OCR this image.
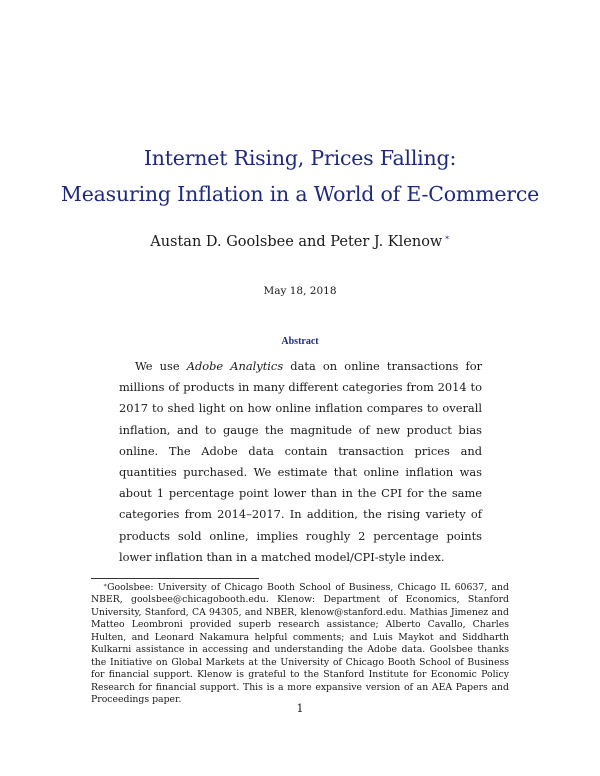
Internet Rising, Prices Falling:
Measuring Inflation in a World of E-Commerce
Austan D. Goolsbee and Peter J. Klenow ∗
May 18, 2018
Abstract

We use Adobe Analytics data on online transactions for millions of products in many different categories from 2014 to 2017 to shed light on how online inflation compares to overall inflation, and to gauge the magnitude of new product bias online. The Adobe data contain transaction prices and quantities purchased. We estimate that online inflation was about 1 percentage point lower than in the CPI for the same categories from 2014–2017. In addition, the rising variety of products sold online, implies roughly 2 percentage points lower inflation than in a matched model/CPI-style index.

∗Goolsbee: University of Chicago Booth School of Business, Chicago IL 60637, and NBER, goolsbee@chicagobooth.edu. Klenow: Department of Economics, Stanford University, Stanford, CA 94305, and NBER, klenow@stanford.edu. Mathias Jimenez and Matteo Leombroni provided superb research assistance; Alberto Cavallo, Charles Hulten, and Leonard Nakamura helpful comments; and Luis Maykot and Siddharth Kulkarni assistance in accessing and understanding the Adobe data. Goolsbee thanks the Initiative on Global Markets at the University of Chicago Booth School of Business for financial support. Klenow is grateful to the Stanford Institute for Economic Policy Research for financial support. This is a more expansive version of an AEA Papers and Proceedings paper.

1
